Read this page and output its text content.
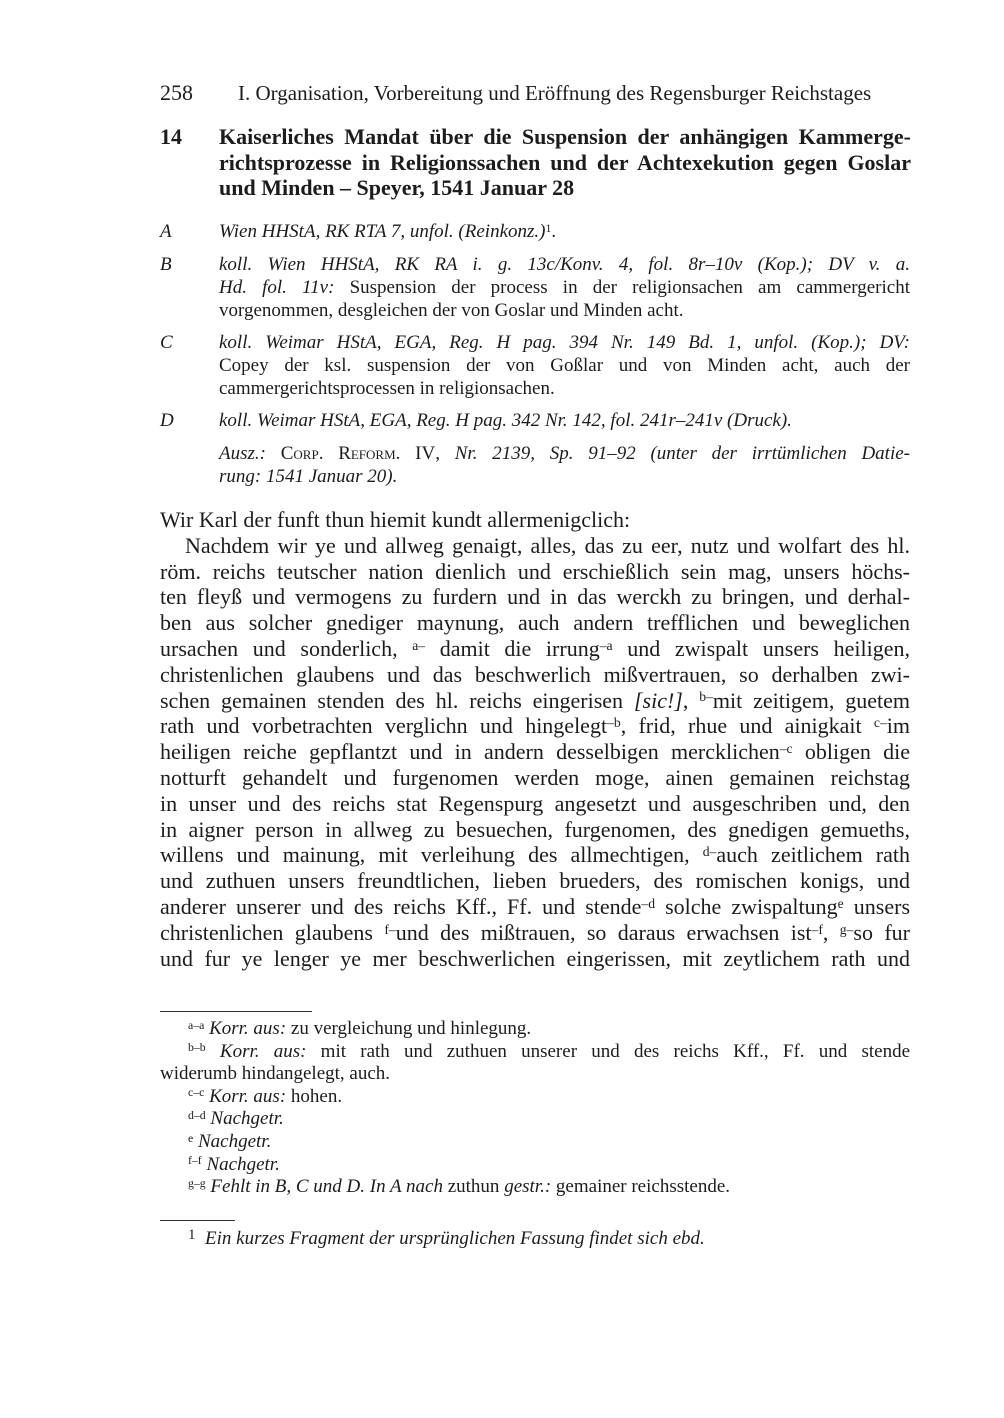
258 I. Organisation, Vorbereitung und Eröffnung des Regensburger Reichstages
14 Kaiserliches Mandat über die Suspension der anhängigen Kammerge-
richtsprozesse in Religionssachen und der Achtexekution gegen Goslar
und Minden – Speyer, 1541 Januar 28
A Wien HHStA, RK RTA 7, unfol. (Reinkonz.)$^1$.
B koll. Wien HHStA, RK RA i. g. 13c/Konv. 4, fol. 8r–10v (Kop.); DV v. a.
Hd. fol. 11v: Suspension der process in der religionsachen am cammergericht
vorgenommen, desgleichen der von Goslar und Minden acht.
C koll. Weimar HStA, EGA, Reg. H pag. 394 Nr. 149 Bd. 1, unfol. (Kop.); DV:
Copey der ksl. suspension der von Goßlar und von Minden acht, auch der
cammergerichtsprocessen in religionsachen.
D koll. Weimar HStA, EGA, Reg. H pag. 342 Nr. 142, fol. 241r–241v (Druck).
Ausz.: Corp. Reform. IV, Nr. 2139, Sp. 91–92 (unter der irrtümlichen Datie-
rung: 1541 Januar 20).
Wir Karl der funft thun hiemit kundt allermenigclich:
Nachdem wir ye und allweg genaigt, alles, das zu eer, nutz und wolfart des hl.
röm. reichs teutscher nation dienlich und erschießlich sein mag, unsers höchs-
ten fleyß und vermogens zu furdern und in das werckh zu bringen, und derhal-
ben aus solcher gnediger maynung, auch andern trefflichen und beweglichen
ursachen und sonderlich, $^{a-}$ damit die irrung$^{-a}$ und zwispalt unsers heiligen,
christenlichen glaubens und das beschwerlich mißvertrauen, so derhalben zwi-
schen gemainen stenden des hl. reichs eingerisen [sic!], $^{b-}$mit zeitigem, guetem
rath und vorbetrachten verglichn und hingelegt$^{-b}$, frid, rhue und ainigkait $^{c-}$im
heiligen reiche gepflantzt und in andern desselbigen mercklichen$^{-c}$ obligen die
notturft gehandelt und furgenomen werden moge, ainen gemainen reichstag
in unser und des reichs stat Regenspurg angesetzt und ausgeschriben und, den
in aigner person in allweg zu besuechen, furgenomen, des gnedigen gemueths,
willens und mainung, mit verleihung des allmechtigen, $^{d-}$auch zeitlichem rath
und zuthuen unsers freundtlichen, lieben brueders, des romischen konigs, und
anderer unserer und des reichs Kff., Ff. und stende$^{-d}$ solche zwispaltung$^e$ unsers
christenlichen glaubens $^{f-}$und des mißtrauen, so daraus erwachsen ist$^{-f}$, $^{g-}$so fur
und fur ye lenger ye mer beschwerlichen eingerissen, mit zeytlichem rath und
$^{a-a}$ Korr. aus: zu vergleichung und hinlegung.
$^{b-b}$ Korr. aus: mit rath und zuthuen unserer und des reichs Kff., Ff. und stende
widerumb hindangelegt, auch.
$^{c-c}$ Korr. aus: hohen.
$^{d-d}$ Nachgetr.
$^e$ Nachgetr.
$^{f-f}$ Nachgetr.
$^{g-g}$ Fehlt in B, C und D. In A nach zuthun gestr.: gemainer reichsstende.
$^1$ Ein kurzes Fragment der ursprünglichen Fassung findet sich ebd.
